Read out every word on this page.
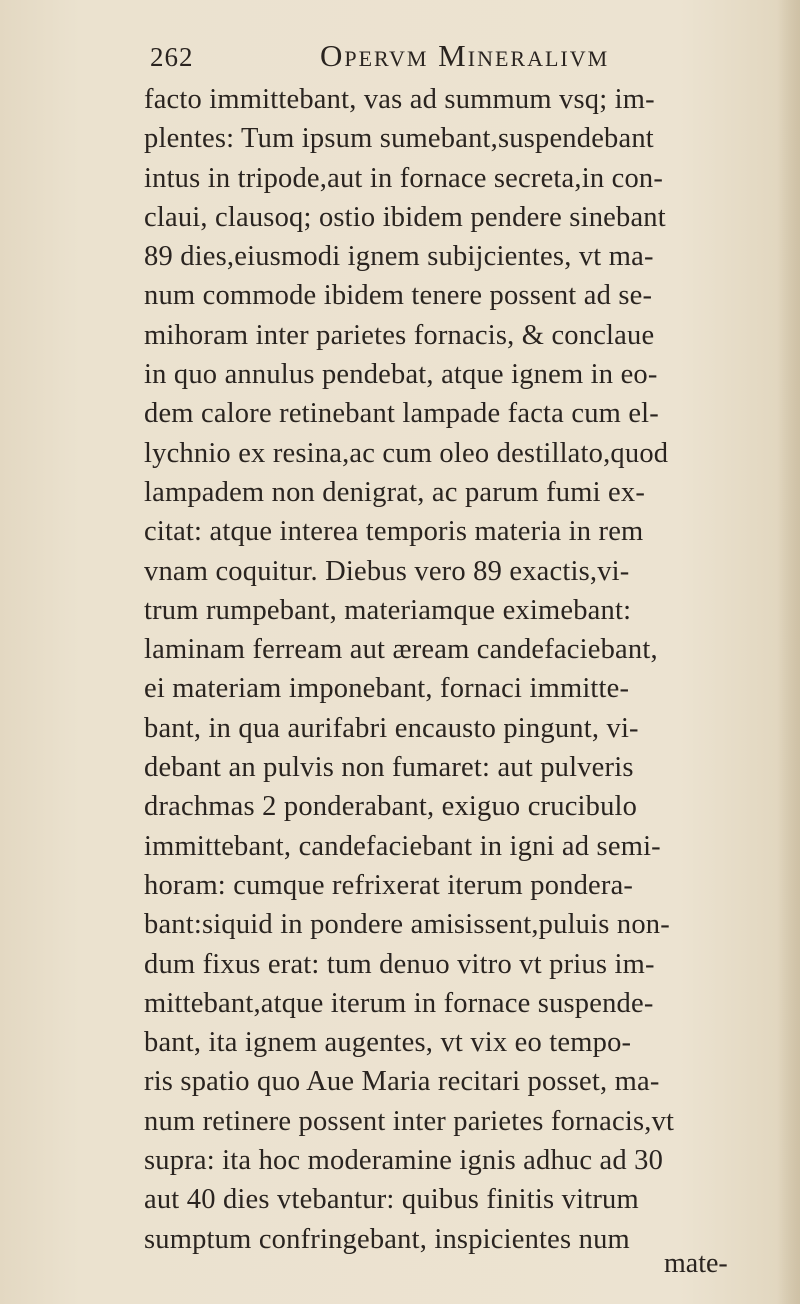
262	Opervm Mineralivm
facto immittebant, vas ad summum vsq; im-
plentes: Tum ipsum sumebant,suspendebant
intus in tripode,aut in fornace secreta,in con-
claui, clausoq; ostio ibidem pendere sinebant
89 dies,eiusmodi ignem subijcientes, vt ma-
num commode ibidem tenere possent ad se-
mihoram inter parietes fornacis, & conclaue
in quo annulus pendebat, atque ignem in eo-
dem calore retinebant lampade facta cum el-
lychnio ex resina,ac cum oleo destillato,quod
lampadem non denigrat, ac parum fumi ex-
citat: atque interea temporis materia in rem
vnam coquitur. Diebus vero 89 exactis,vi-
trum rumpebant, materiamque eximebant:
laminam ferream aut æream candefaciebant,
ei materiam imponebant, fornaci immitte-
bant, in qua aurifabri encausto pingunt, vi-
debant an pulvis non fumaret: aut pulveris
drachmas 2 ponderabant, exiguo crucibulo
immittebant, candefaciebant in igni ad semi-
horam: cumque refrixerat iterum pondera-
bant:siquid in pondere amisissent,puluis non-
dum fixus erat: tum denuo vitro vt prius im-
mittebant,atque iterum in fornace suspende-
bant, ita ignem augentes, vt vix eo tempo-
ris spatio quo Aue Maria recitari posset, ma-
num retinere possent inter parietes fornacis,vt
supra: ita hoc moderamine ignis adhuc ad 30
aut 40 dies vtebantur: quibus finitis vitrum
sumptum confringebant, inspicientes num
mate-
